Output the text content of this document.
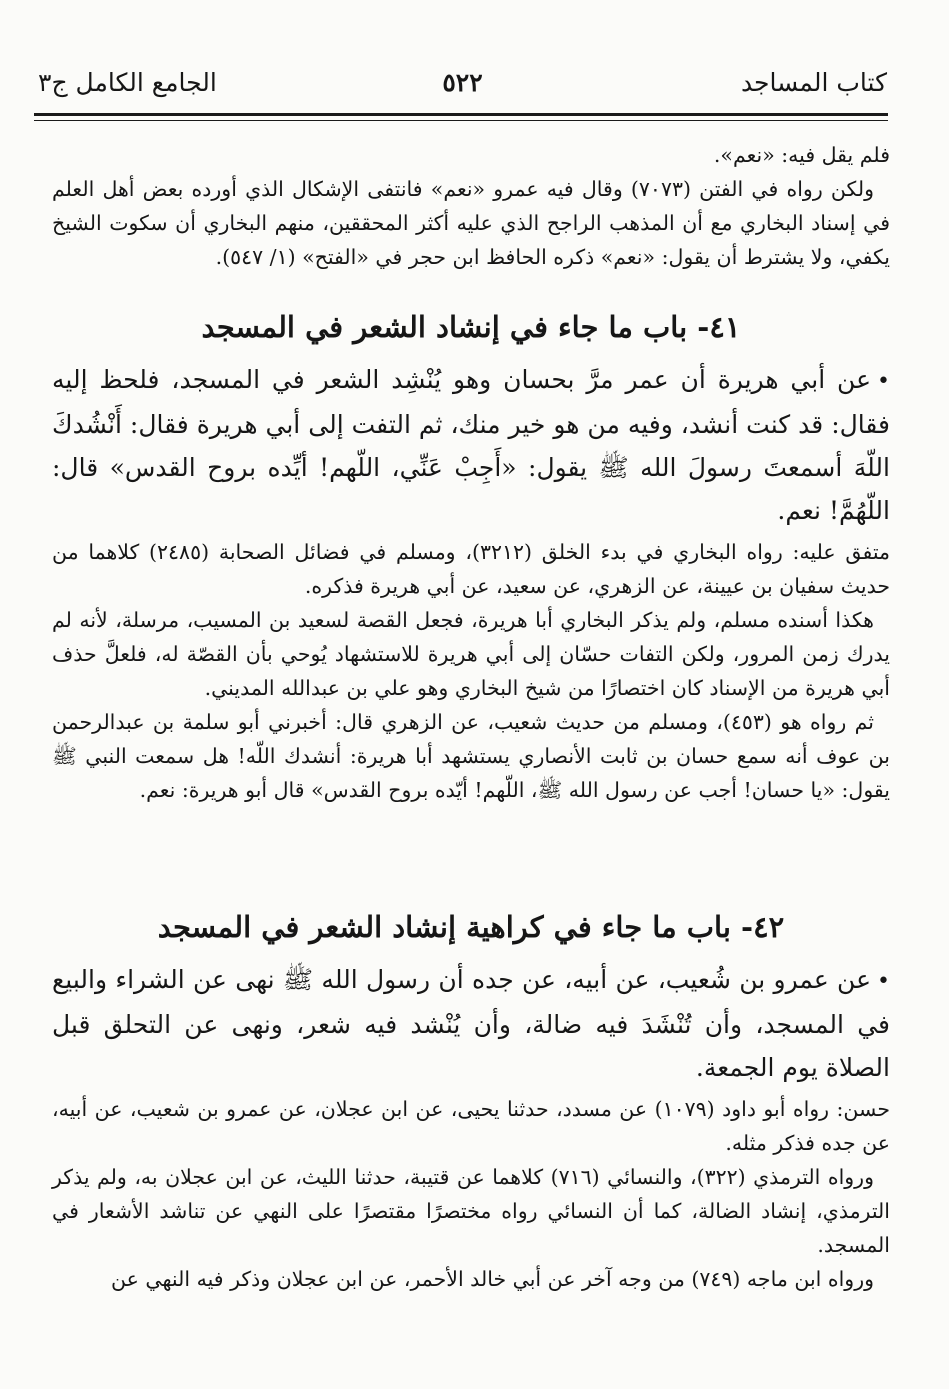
كتاب المساجد
٥٢٢
الجامع الكامل ج٣

فلم يقل فيه: «نعم».

ولكن رواه في الفتن (٧٠٧٣) وقال فيه عمرو «نعم» فانتفى الإشكال الذي أورده بعض أهل العلم في إسناد البخاري مع أن المذهب الراجح الذي عليه أكثر المحققين، منهم البخاري أن سكوت الشيخ يكفي، ولا يشترط أن يقول: «نعم» ذكره الحافظ ابن حجر في «الفتح» (١/ ٥٤٧).

٤١- باب ما جاء في إنشاد الشعر في المسجد

•عن أبي هريرة أن عمر مرَّ بحسان وهو يُنْشِد الشعر في المسجد، فلحظ إليه فقال: قد كنت أنشد، وفيه من هو خير منك، ثم التفت إلى أبي هريرة فقال: أَنْشُدكَ اللّهَ أسمعتَ رسولَ الله ﷺ يقول: «أَجِبْ عَنِّي، اللّهم! أيِّده بروح القدس» قال: اللّهُمَّ! نعم.

متفق عليه: رواه البخاري في بدء الخلق (٣٢١٢)، ومسلم في فضائل الصحابة (٢٤٨٥) كلاهما من حديث سفيان بن عيينة، عن الزهري، عن سعيد، عن أبي هريرة فذكره.

هكذا أسنده مسلم، ولم يذكر البخاري أبا هريرة، فجعل القصة لسعيد بن المسيب، مرسلة، لأنه لم يدرك زمن المرور، ولكن التفات حسّان إلى أبي هريرة للاستشهاد يُوحي بأن القصّة له، فلعلَّ حذف أبي هريرة من الإسناد كان اختصارًا من شيخ البخاري وهو علي بن عبدالله المديني.

ثم رواه هو (٤٥٣)، ومسلم من حديث شعيب، عن الزهري قال: أخبرني أبو سلمة بن عبدالرحمن بن عوف أنه سمع حسان بن ثابت الأنصاري يستشهد أبا هريرة: أنشدك اللّه! هل سمعت النبي ﷺ يقول: «يا حسان! أجب عن رسول الله ﷺ، اللّهم! أيّده بروح القدس» قال أبو هريرة: نعم.

٤٢- باب ما جاء في كراهية إنشاد الشعر في المسجد

•عن عمرو بن شُعيب، عن أبيه، عن جده أن رسول الله ﷺ نهى عن الشراء والبيع في المسجد، وأن تُنْشَدَ فيه ضالة، وأن يُنْشد فيه شعر، ونهى عن التحلق قبل الصلاة يوم الجمعة.

حسن: رواه أبو داود (١٠٧٩) عن مسدد، حدثنا يحيى، عن ابن عجلان، عن عمرو بن شعيب، عن أبيه، عن جده فذكر مثله.

ورواه الترمذي (٣٢٢)، والنسائي (٧١٦) كلاهما عن قتيبة، حدثنا الليث، عن ابن عجلان به، ولم يذكر الترمذي، إنشاد الضالة، كما أن النسائي رواه مختصرًا مقتصرًا على النهي عن تناشد الأشعار في المسجد.

ورواه ابن ماجه (٧٤٩) من وجه آخر عن أبي خالد الأحمر، عن ابن عجلان وذكر فيه النهي عن
